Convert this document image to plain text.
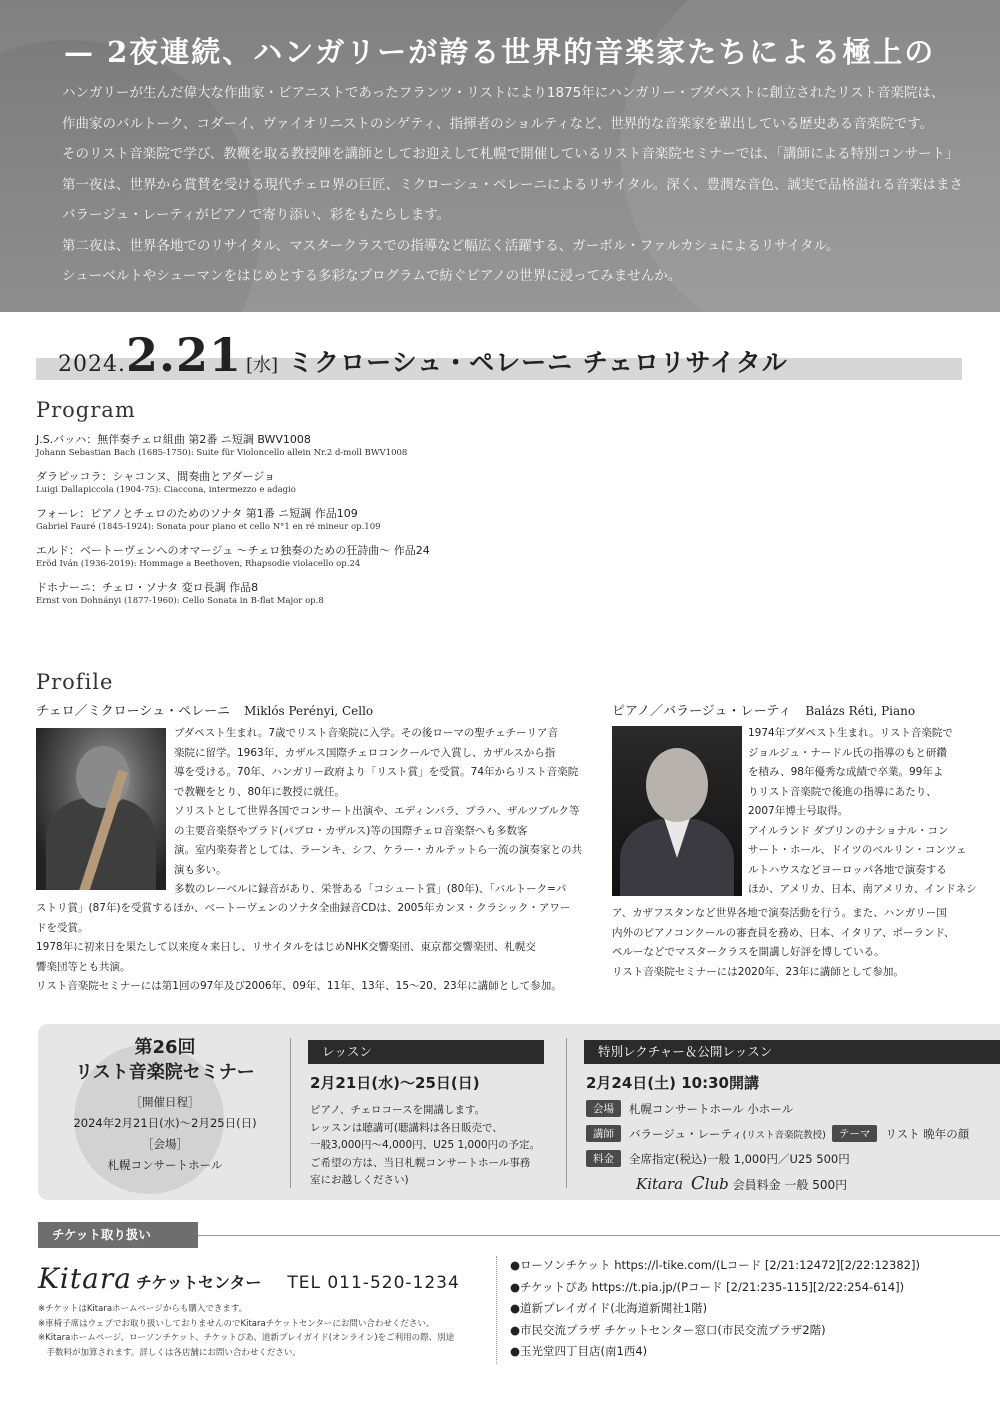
— 2夜連続、ハンガリーが誇る世界的音楽家たちによる極上の

ハンガリーが生んだ偉大な作曲家・ピアニストであったフランツ・リストにより1875年にハンガリー・ブダペストに創立されたリスト音楽院は、

作曲家のバルトーク、コダーイ、ヴァイオリニストのシゲティ、指揮者のショルティなど、世界的な音楽家を輩出している歴史ある音楽院です。

そのリスト音楽院で学び、教鞭を取る教授陣を講師としてお迎えして札幌で開催しているリスト音楽院セミナーでは、「講師による特別コンサート」

第一夜は、世界から賞賛を受ける現代チェロ界の巨匠、ミクローシュ・ペレーニによるリサイタル。深く、豊潤な音色、誠実で品格溢れる音楽はまさ

バラージュ・レーティがピアノで寄り添い、彩をもたらします。

第二夜は、世界各地でのリサイタル、マスタークラスでの指導など幅広く活躍する、ガーボル・ファルカシュによるリサイタル。

シューベルトやシューマンをはじめとする多彩なプログラムで紡ぐピアノの世界に浸ってみませんか。

2024. 2.21 [水] ミクローシュ・ペレーニ チェロリサイタル
Program
J.S.バッハ：無伴奏チェロ組曲 第2番 ニ短調 BWV1008
Johann Sebastian Bach (1685-1750): Suite für Violoncello allein Nr.2 d-moll BWV1008
ダラピッコラ：シャコンヌ、間奏曲とアダージョ
Luigi Dallapiccola (1904-75): Ciaccona, intermezzo e adagio
フォーレ：ピアノとチェロのためのソナタ 第1番 ニ短調 作品109
Gabriel Fauré (1845-1924): Sonata pour piano et cello N°1 en ré mineur op.109
エルド：ベートーヴェンへのオマージュ 〜チェロ独奏のための狂詩曲〜 作品24
Eröd Iván (1936-2019): Hommage a Beethoven, Rhapsodie violacello op.24
ドホナーニ：チェロ・ソナタ 変ロ長調 作品8
Ernst von Dohnányi (1877-1960): Cello Sonata in B-flat Major op.8
Profile
チェロ／ミクローシュ・ペレーニ Miklós Perényi, Cello

ブダペスト生まれ。7歳でリスト音楽院に入学。その後ローマの聖チェチーリア音

楽院に留学。1963年、カザルス国際チェロコンクールで入賞し、カザルスから指

導を受ける。70年、ハンガリー政府より「リスト賞」を受賞。74年からリスト音楽院

で教鞭をとり、80年に教授に就任。

ソリストとして世界各国でコンサート出演や、エディンバラ、プラハ、ザルツブルク等

の主要音楽祭やプラド(パブロ・カザルス)等の国際チェロ音楽祭へも多数客

演。室内楽奏者としては、ラーンキ、シフ、ケラー・カルテットら一流の演奏家との共

演も多い。

多数のレーベルに録音があり、栄誉ある「コシュート賞」(80年)、「バルトーク=パ

ストリ賞」(87年)を受賞するほか、ベートーヴェンのソナタ全曲録音CDは、2005年カンヌ・クラシック・アワー

ドを受賞。

1978年に初来日を果たして以来度々来日し、リサイタルをはじめNHK交響楽団、東京都交響楽団、札幌交

響楽団等とも共演。

リスト音楽院セミナーには第1回の97年及び2006年、09年、11年、13年、15〜20、23年に講師として参加。

ピアノ／バラージュ・レーティ Balázs Réti, Piano

1974年ブダペスト生まれ。リスト音楽院で

ジョルジュ・ナードル氏の指導のもと研鑽

を積み、98年優秀な成績で卒業。99年よ

りリスト音楽院で後進の指導にあたり、

2007年博士号取得。

アイルランド ダブリンのナショナル・コン

サート・ホール、ドイツのベルリン・コンツェ

ルトハウスなどヨーロッパ各地で演奏する

ほか、アメリカ、日本、南アメリカ、インドネシ

ア、カザフスタンなど世界各地で演奏活動を行う。また、ハンガリー国

内外のピアノコンクールの審査員を務め、日本、イタリア、ポーランド、

ペルーなどでマスタークラスを開講し好評を博している。

リスト音楽院セミナーには2020年、23年に講師として参加。

第26回
リスト音楽院セミナー
［開催日程］
2024年2月21日(水)〜2月25日(日)
［会場］
札幌コンサートホール
レッスン
2月21日(水)〜25日(日)

ピアノ、チェロコースを開講します。

レッスンは聴講可(聴講料は各日販売で、

一般3,000円〜4,000円、U25 1,000円の予定。

ご希望の方は、当日札幌コンサートホール事務

室にお越しください)

特別レクチャー＆公開レッスン
2月24日(土) 10:30開講
会場	札幌コンサートホール 小ホール
講師	バラージュ・レーティ (リスト音楽院教授)	テーマ	リスト 晩年の顔
料金	全席指定(税込)一般 1,000円／U25 500円
Kitara Club 会員料金 一般 500円
チケット取り扱い
Kitara チケットセンター TEL 011-520-1234

※チケットはKitaraホームページからも購入できます。

※車椅子席はウェブでお取り扱いしておりませんのでKitaraチケットセンターにお問い合わせください。

※Kitaraホームページ、ローソンチケット、チケットぴあ、道新プレイガイド(オンライン)をご利用の際、別途

　手数料が加算されます。詳しくは各店舗にお問い合わせください。

●ローソンチケット https://l-tike.com/(Lコード [2/21:12472][2/22:12382])

●チケットぴあ https://t.pia.jp/(Pコード [2/21:235-115][2/22:254-614])

●道新プレイガイド(北海道新聞社1階)

●市民交流プラザ チケットセンター窓口(市民交流プラザ2階)

●玉光堂四丁目店(南1西4)
